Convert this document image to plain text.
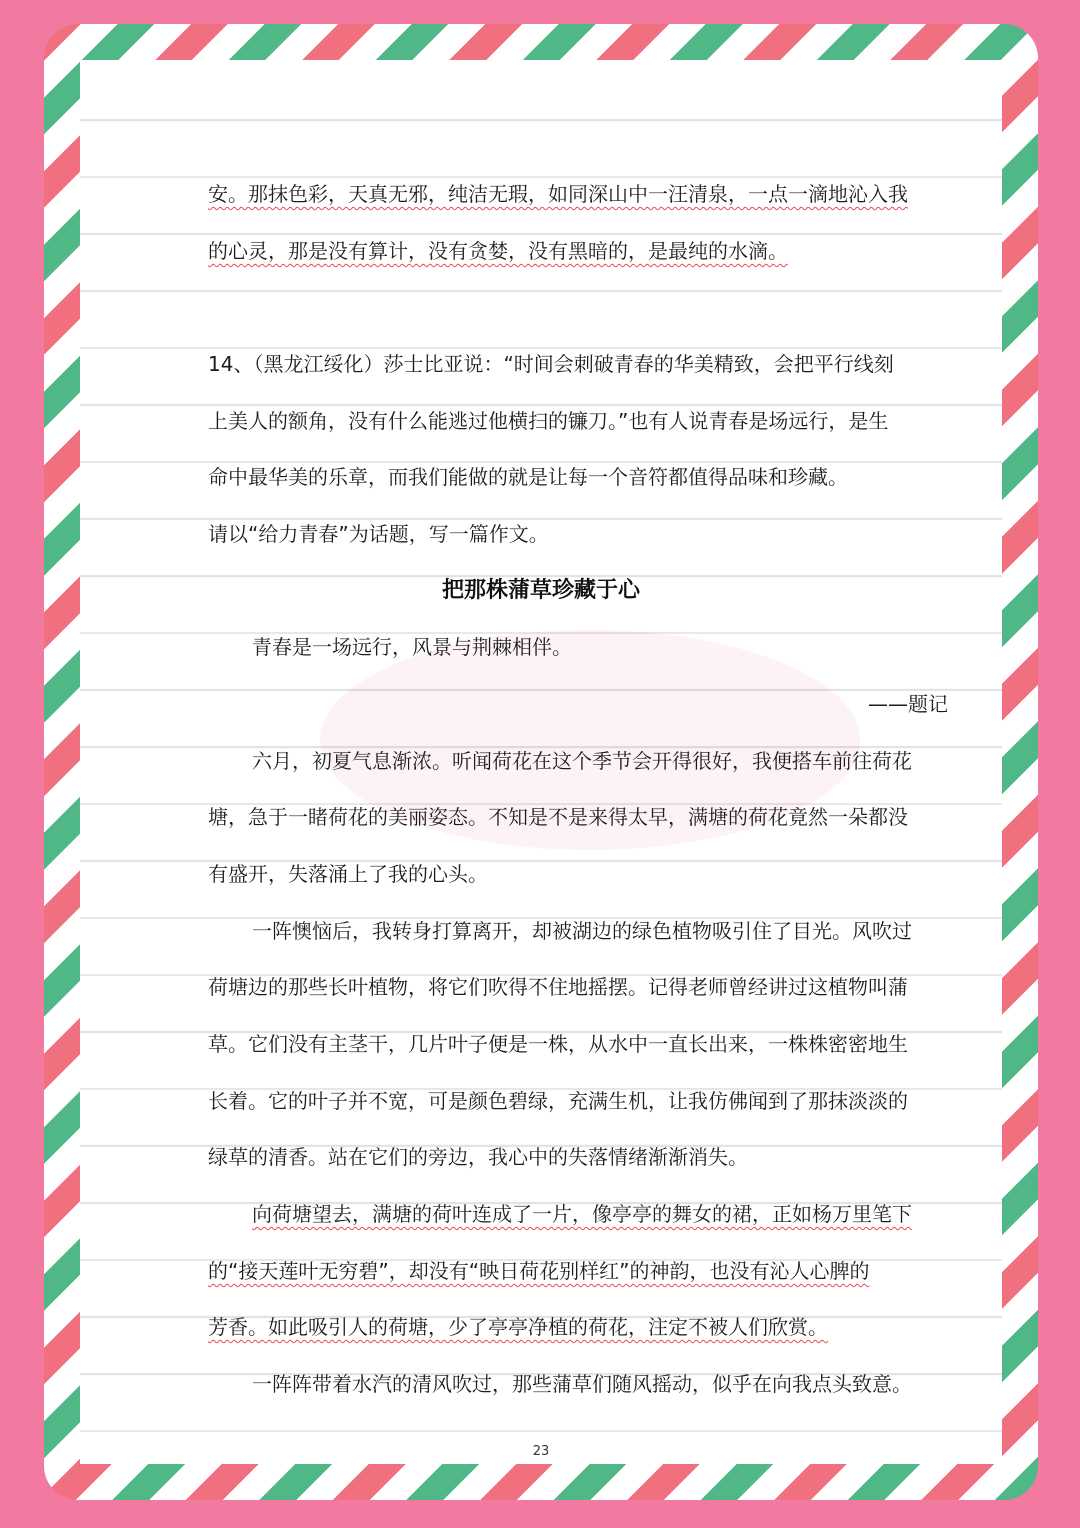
安。那抹色彩，天真无邪，纯洁无瑕，如同深山中一汪清泉，一点一滴地沁入我
的心灵，那是没有算计，没有贪婪，没有黑暗的，是最纯的水滴。
14、（黑龙江绥化）莎士比亚说：“时间会刺破青春的华美精致，会把平行线刻
上美人的额角，没有什么能逃过他横扫的镰刀。”也有人说青春是场远行，是生
命中最华美的乐章，而我们能做的就是让每一个音符都值得品味和珍藏。
请以“给力青春”为话题，写一篇作文。
把那株蒲草珍藏于心
青春是一场远行，风景与荆棘相伴。
——题记
六月，初夏气息渐浓。听闻荷花在这个季节会开得很好，我便搭车前往荷花
塘，急于一睹荷花的美丽姿态。不知是不是来得太早，满塘的荷花竟然一朵都没
有盛开，失落涌上了我的心头。
一阵懊恼后，我转身打算离开，却被湖边的绿色植物吸引住了目光。风吹过
荷塘边的那些长叶植物，将它们吹得不住地摇摆。记得老师曾经讲过这植物叫蒲
草。它们没有主茎干，几片叶子便是一株，从水中一直长出来，一株株密密地生
长着。它的叶子并不宽，可是颜色碧绿，充满生机，让我仿佛闻到了那抹淡淡的
绿草的清香。站在它们的旁边，我心中的失落情绪渐渐消失。
向荷塘望去，满塘的荷叶连成了一片，像亭亭的舞女的裙，正如杨万里笔下
的“接天莲叶无穷碧”，却没有“映日荷花别样红”的神韵，也没有沁人心脾的
芳香。如此吸引人的荷塘，少了亭亭净植的荷花，注定不被人们欣赏。
一阵阵带着水汽的清风吹过，那些蒲草们随风摇动，似乎在向我点头致意。
23
